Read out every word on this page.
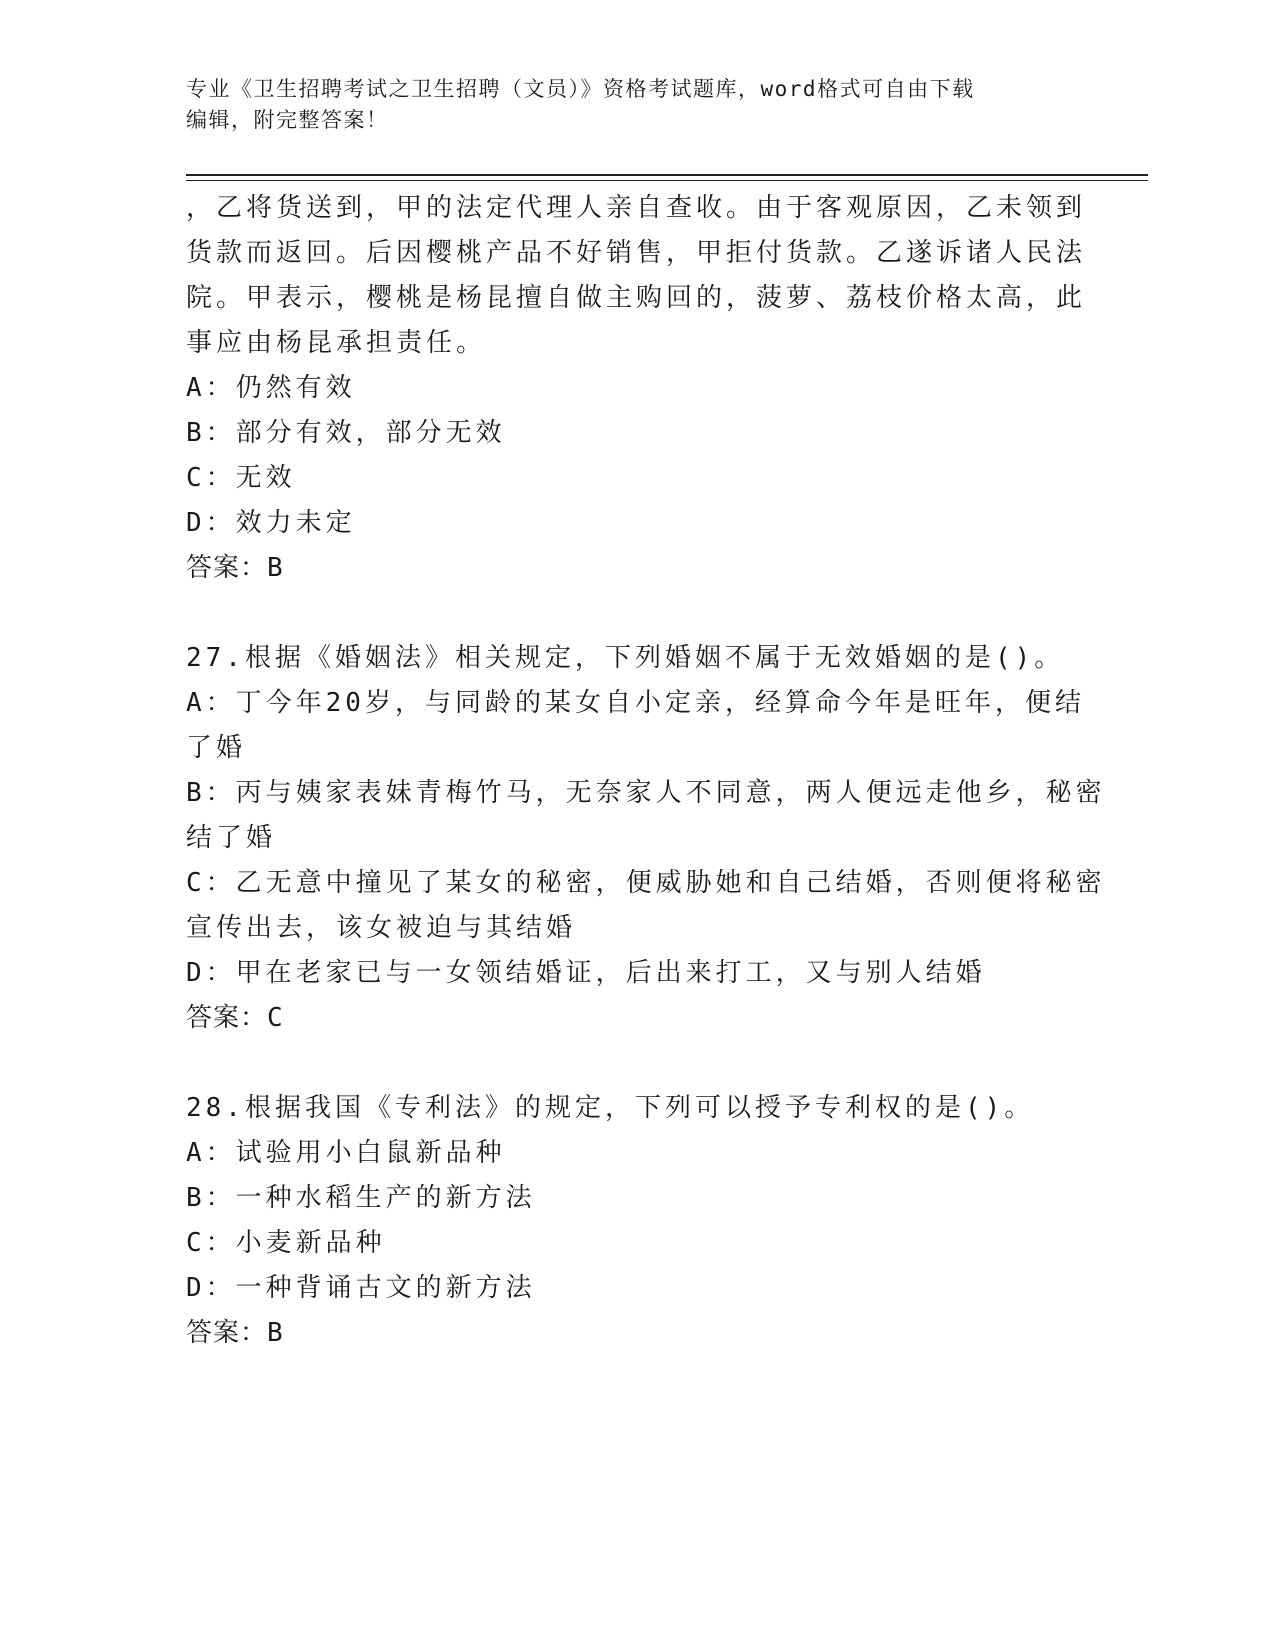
专业《卫生招聘考试之卫生招聘（文员）》资格考试题库，word格式可自由下载
编辑，附完整答案！
，乙将货送到，甲的法定代理人亲自查收。由于客观原因，乙未领到
货款而返回。后因樱桃产品不好销售，甲拒付货款。乙遂诉诸人民法
院。甲表示，樱桃是杨昆擅自做主购回的，菠萝、荔枝价格太高，此
事应由杨昆承担责任。
A：仍然有效
B：部分有效，部分无效
C：无效
D：效力未定
答案：B
27.根据《婚姻法》相关规定，下列婚姻不属于无效婚姻的是()。
A：丁今年20岁，与同龄的某女自小定亲，经算命今年是旺年，便结
了婚
B：丙与姨家表妹青梅竹马，无奈家人不同意，两人便远走他乡，秘密
结了婚
C：乙无意中撞见了某女的秘密，便威胁她和自己结婚，否则便将秘密
宣传出去，该女被迫与其结婚
D：甲在老家已与一女领结婚证，后出来打工，又与别人结婚
答案：C
28.根据我国《专利法》的规定，下列可以授予专利权的是()。
A：试验用小白鼠新品种
B：一种水稻生产的新方法
C：小麦新品种
D：一种背诵古文的新方法
答案：B
